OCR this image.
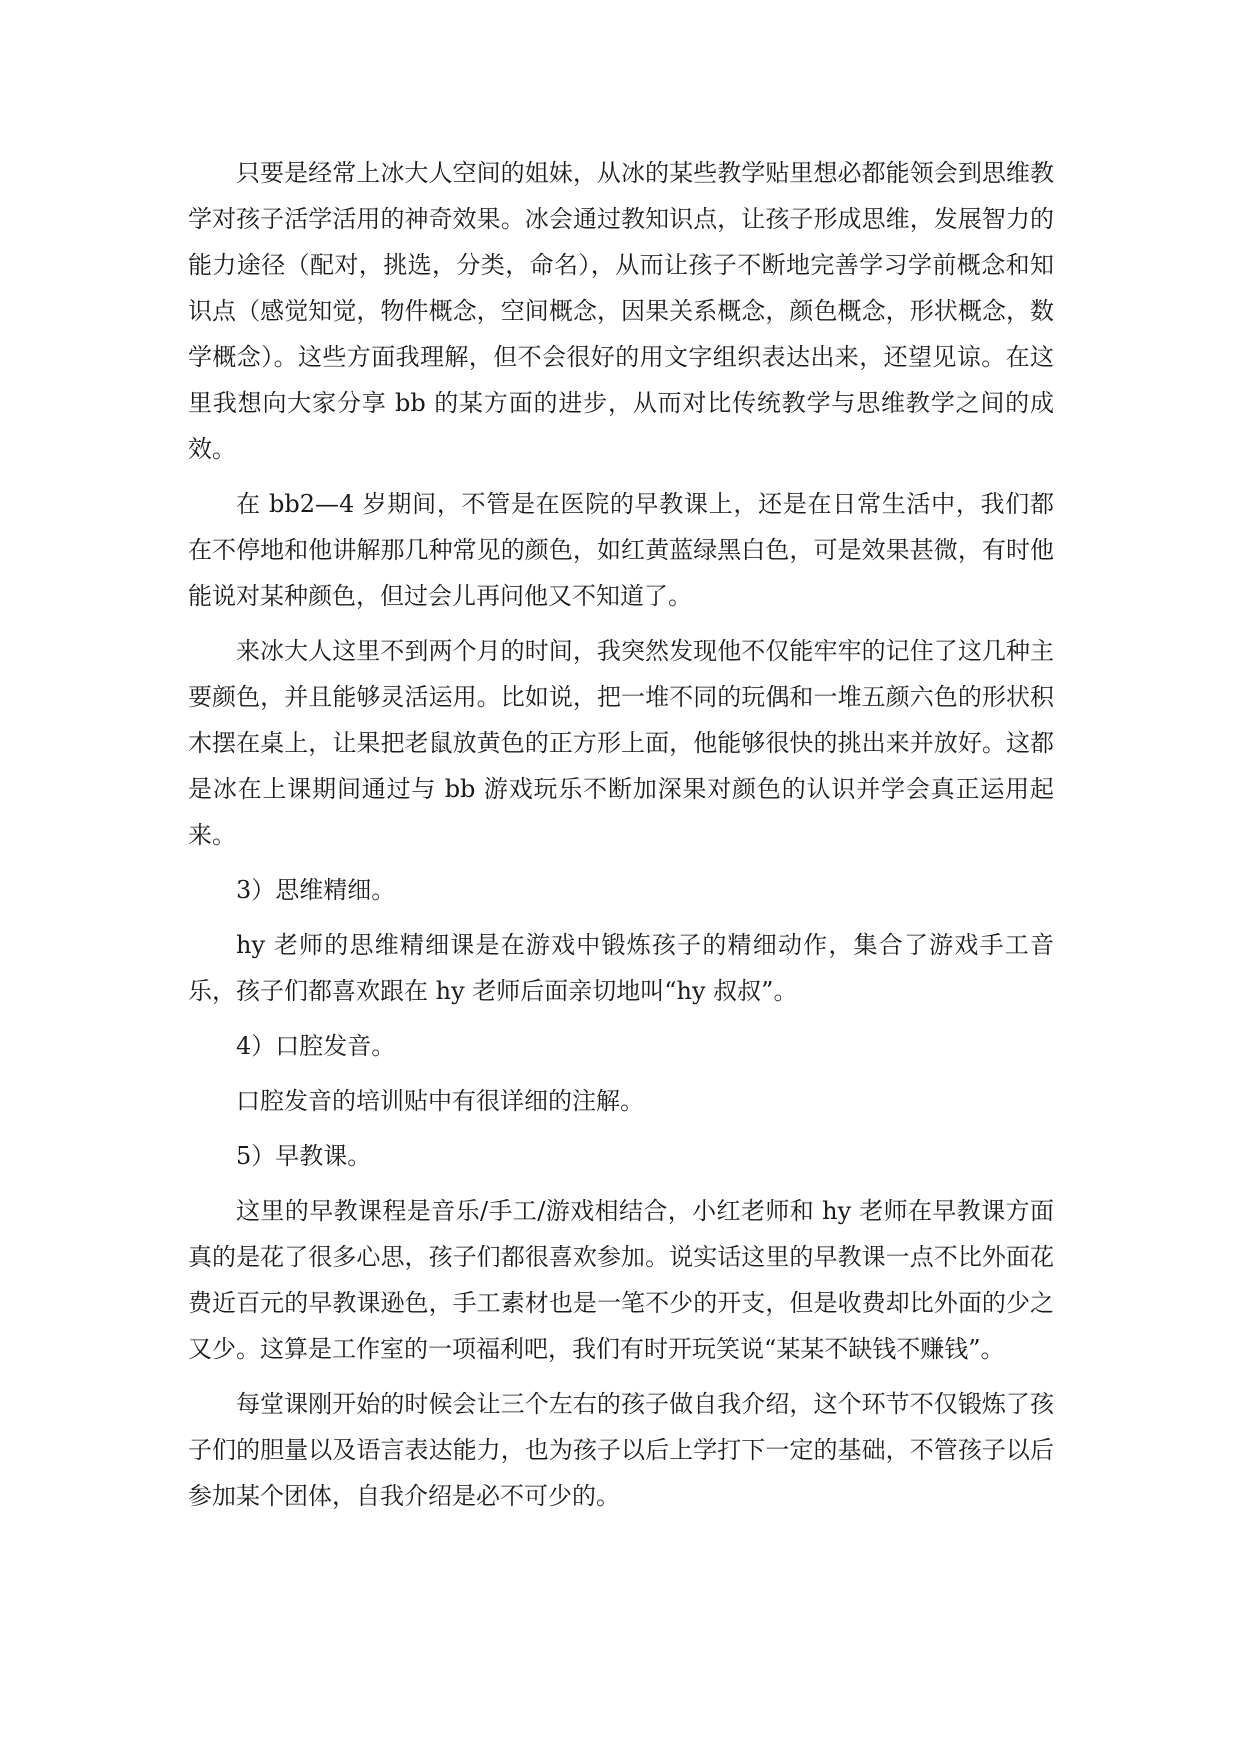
只要是经常上冰大人空间的姐妹，从冰的某些教学贴里想必都能领会到思维教学对孩子活学活用的神奇效果。冰会通过教知识点，让孩子形成思维，发展智力的能力途径（配对，挑选，分类，命名），从而让孩子不断地完善学习学前概念和知识点（感觉知觉，物件概念，空间概念，因果关系概念，颜色概念，形状概念，数学概念）。这些方面我理解，但不会很好的用文字组织表达出来，还望见谅。在这里我想向大家分享 bb 的某方面的进步，从而对比传统教学与思维教学之间的成效。

在 bb2—4 岁期间，不管是在医院的早教课上，还是在日常生活中，我们都在不停地和他讲解那几种常见的颜色，如红黄蓝绿黑白色，可是效果甚微，有时他能说对某种颜色，但过会儿再问他又不知道了。

来冰大人这里不到两个月的时间，我突然发现他不仅能牢牢的记住了这几种主要颜色，并且能够灵活运用。比如说，把一堆不同的玩偶和一堆五颜六色的形状积木摆在桌上，让果把老鼠放黄色的正方形上面，他能够很快的挑出来并放好。这都是冰在上课期间通过与 bb 游戏玩乐不断加深果对颜色的认识并学会真正运用起来。

3）思维精细。

hy 老师的思维精细课是在游戏中锻炼孩子的精细动作，集合了游戏手工音乐，孩子们都喜欢跟在 hy 老师后面亲切地叫“hy 叔叔”。

4）口腔发音。

口腔发音的培训贴中有很详细的注解。

5）早教课。

这里的早教课程是音乐/手工/游戏相结合，小红老师和 hy 老师在早教课方面真的是花了很多心思，孩子们都很喜欢参加。说实话这里的早教课一点不比外面花费近百元的早教课逊色，手工素材也是一笔不少的开支，但是收费却比外面的少之又少。这算是工作室的一项福利吧，我们有时开玩笑说“某某不缺钱不赚钱”。

每堂课刚开始的时候会让三个左右的孩子做自我介绍，这个环节不仅锻炼了孩子们的胆量以及语言表达能力，也为孩子以后上学打下一定的基础，不管孩子以后参加某个团体，自我介绍是必不可少的。
